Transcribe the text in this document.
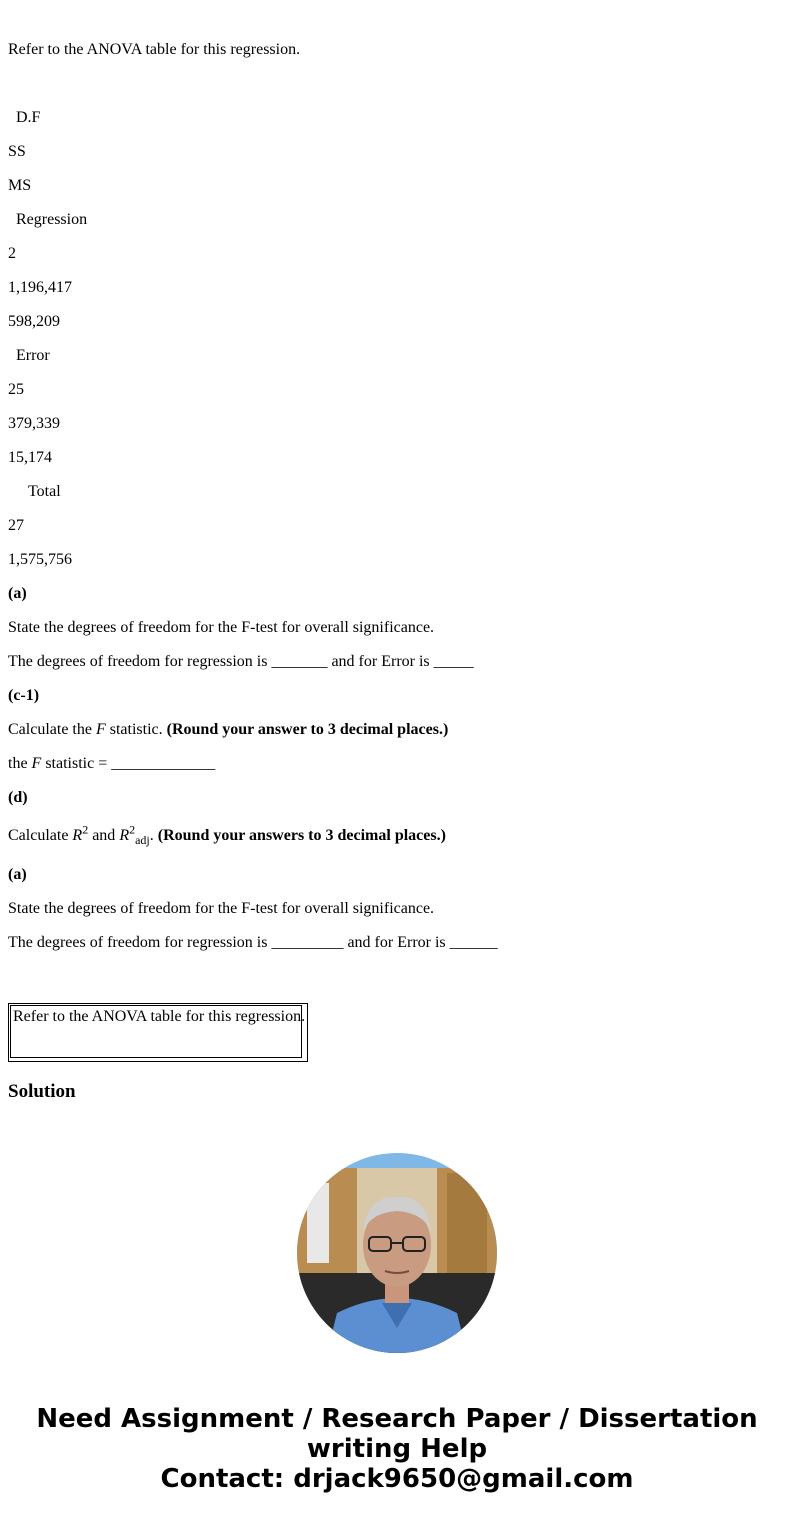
Refer to the ANOVA table for this regression.
D.F
SS
MS
Regression
2
1,196,417
598,209
Error
25
379,339
15,174
Total
27
1,575,756
(a)
State the degrees of freedom for the F-test for overall significance.
The degrees of freedom for regression is _______ and for Error is _____
(c-1)
Calculate the F statistic. (Round your answer to 3 decimal places.)
the F statistic = _____________
(d)
Calculate $R^2$ and $R^2_{adj}$. (Round your answers to 3 decimal places.)
(a)
State the degrees of freedom for the F-test for overall significance.
The degrees of freedom for regression is _________ and for Error is ______
Refer to the ANOVA table for this regression.
Solution
Need Assignment / Research Paper / Dissertation
writing Help
Contact: drjack9650@gmail.com
